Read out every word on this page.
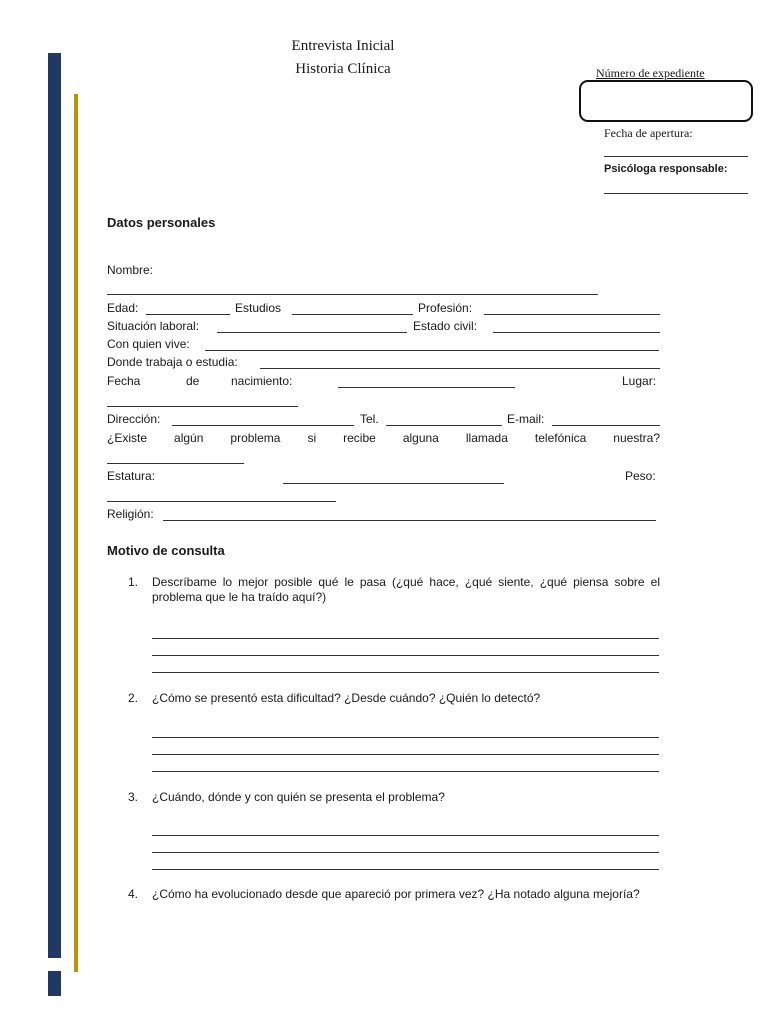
Entrevista Inicial
Historia Clínica	Número de expediente
Fecha de apertura:
Psicóloga responsable:
Datos personales
Nombre:
Edad:	Estudios	Profesión:
Situación laboral:	Estado civil:
Con quien vive:
Donde trabaja o estudia:
Fecha	de	nacimiento:	Lugar:
Dirección:	Tel.	E-mail:
¿Existe algún problema si recibe alguna llamada telefónica nuestra?
Estatura:	Peso:
Religión:
Motivo de consulta
1. Descríbame lo mejor posible qué le pasa (¿qué hace, ¿qué siente, ¿qué piensa sobre el problema que le ha traído aquí?)
2. ¿Cómo se presentó esta dificultad? ¿Desde cuándo? ¿Quién lo detectó?
3. ¿Cuándo, dónde y con quién se presenta el problema?
4. ¿Cómo ha evolucionado desde que apareció por primera vez? ¿Ha notado alguna mejoría?
